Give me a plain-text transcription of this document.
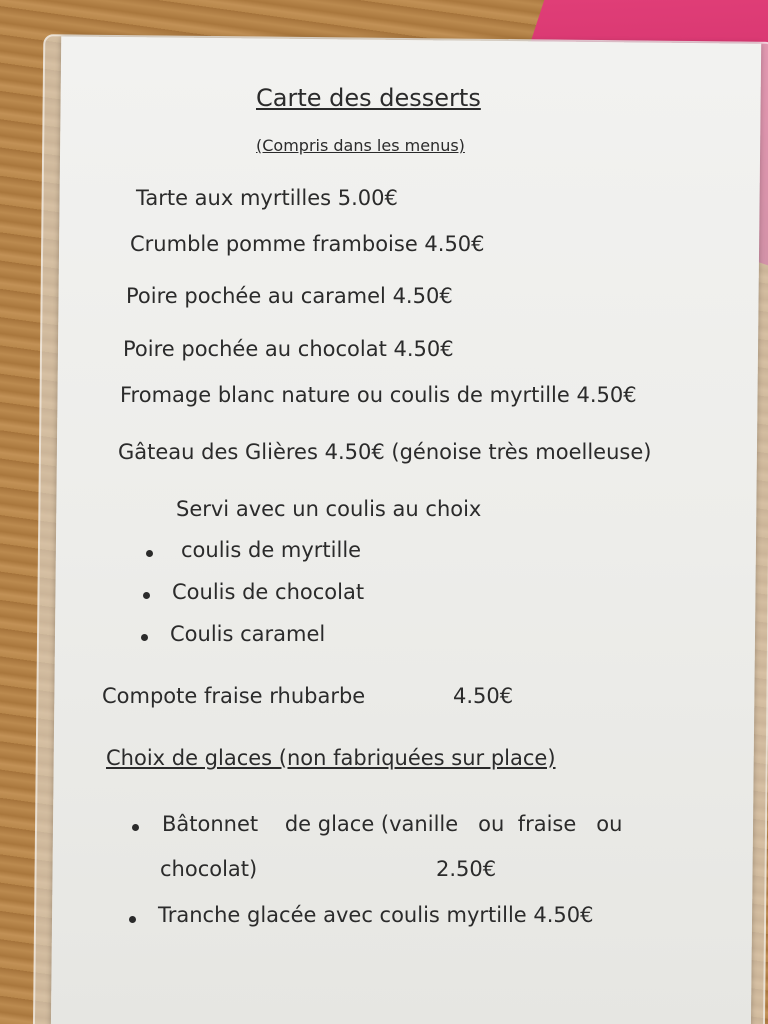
Carte des desserts

(Compris dans les menus)

Tarte aux myrtilles 5.00€

Crumble pomme framboise 4.50€

Poire pochée au caramel 4.50€

Poire pochée au chocolat 4.50€

Fromage blanc nature ou coulis de myrtille 4.50€

Gâteau des Glières 4.50€ (génoise très moelleuse)

Servi avec un coulis au choix

coulis de myrtille

Coulis de chocolat

Coulis caramel

Compote fraise rhubarbe	4.50€

Choix de glaces (non fabriquées sur place)

Bâtonnet    de glace (vanille   ou  fraise   ou

chocolat)	2.50€

Tranche glacée avec coulis myrtille 4.50€
